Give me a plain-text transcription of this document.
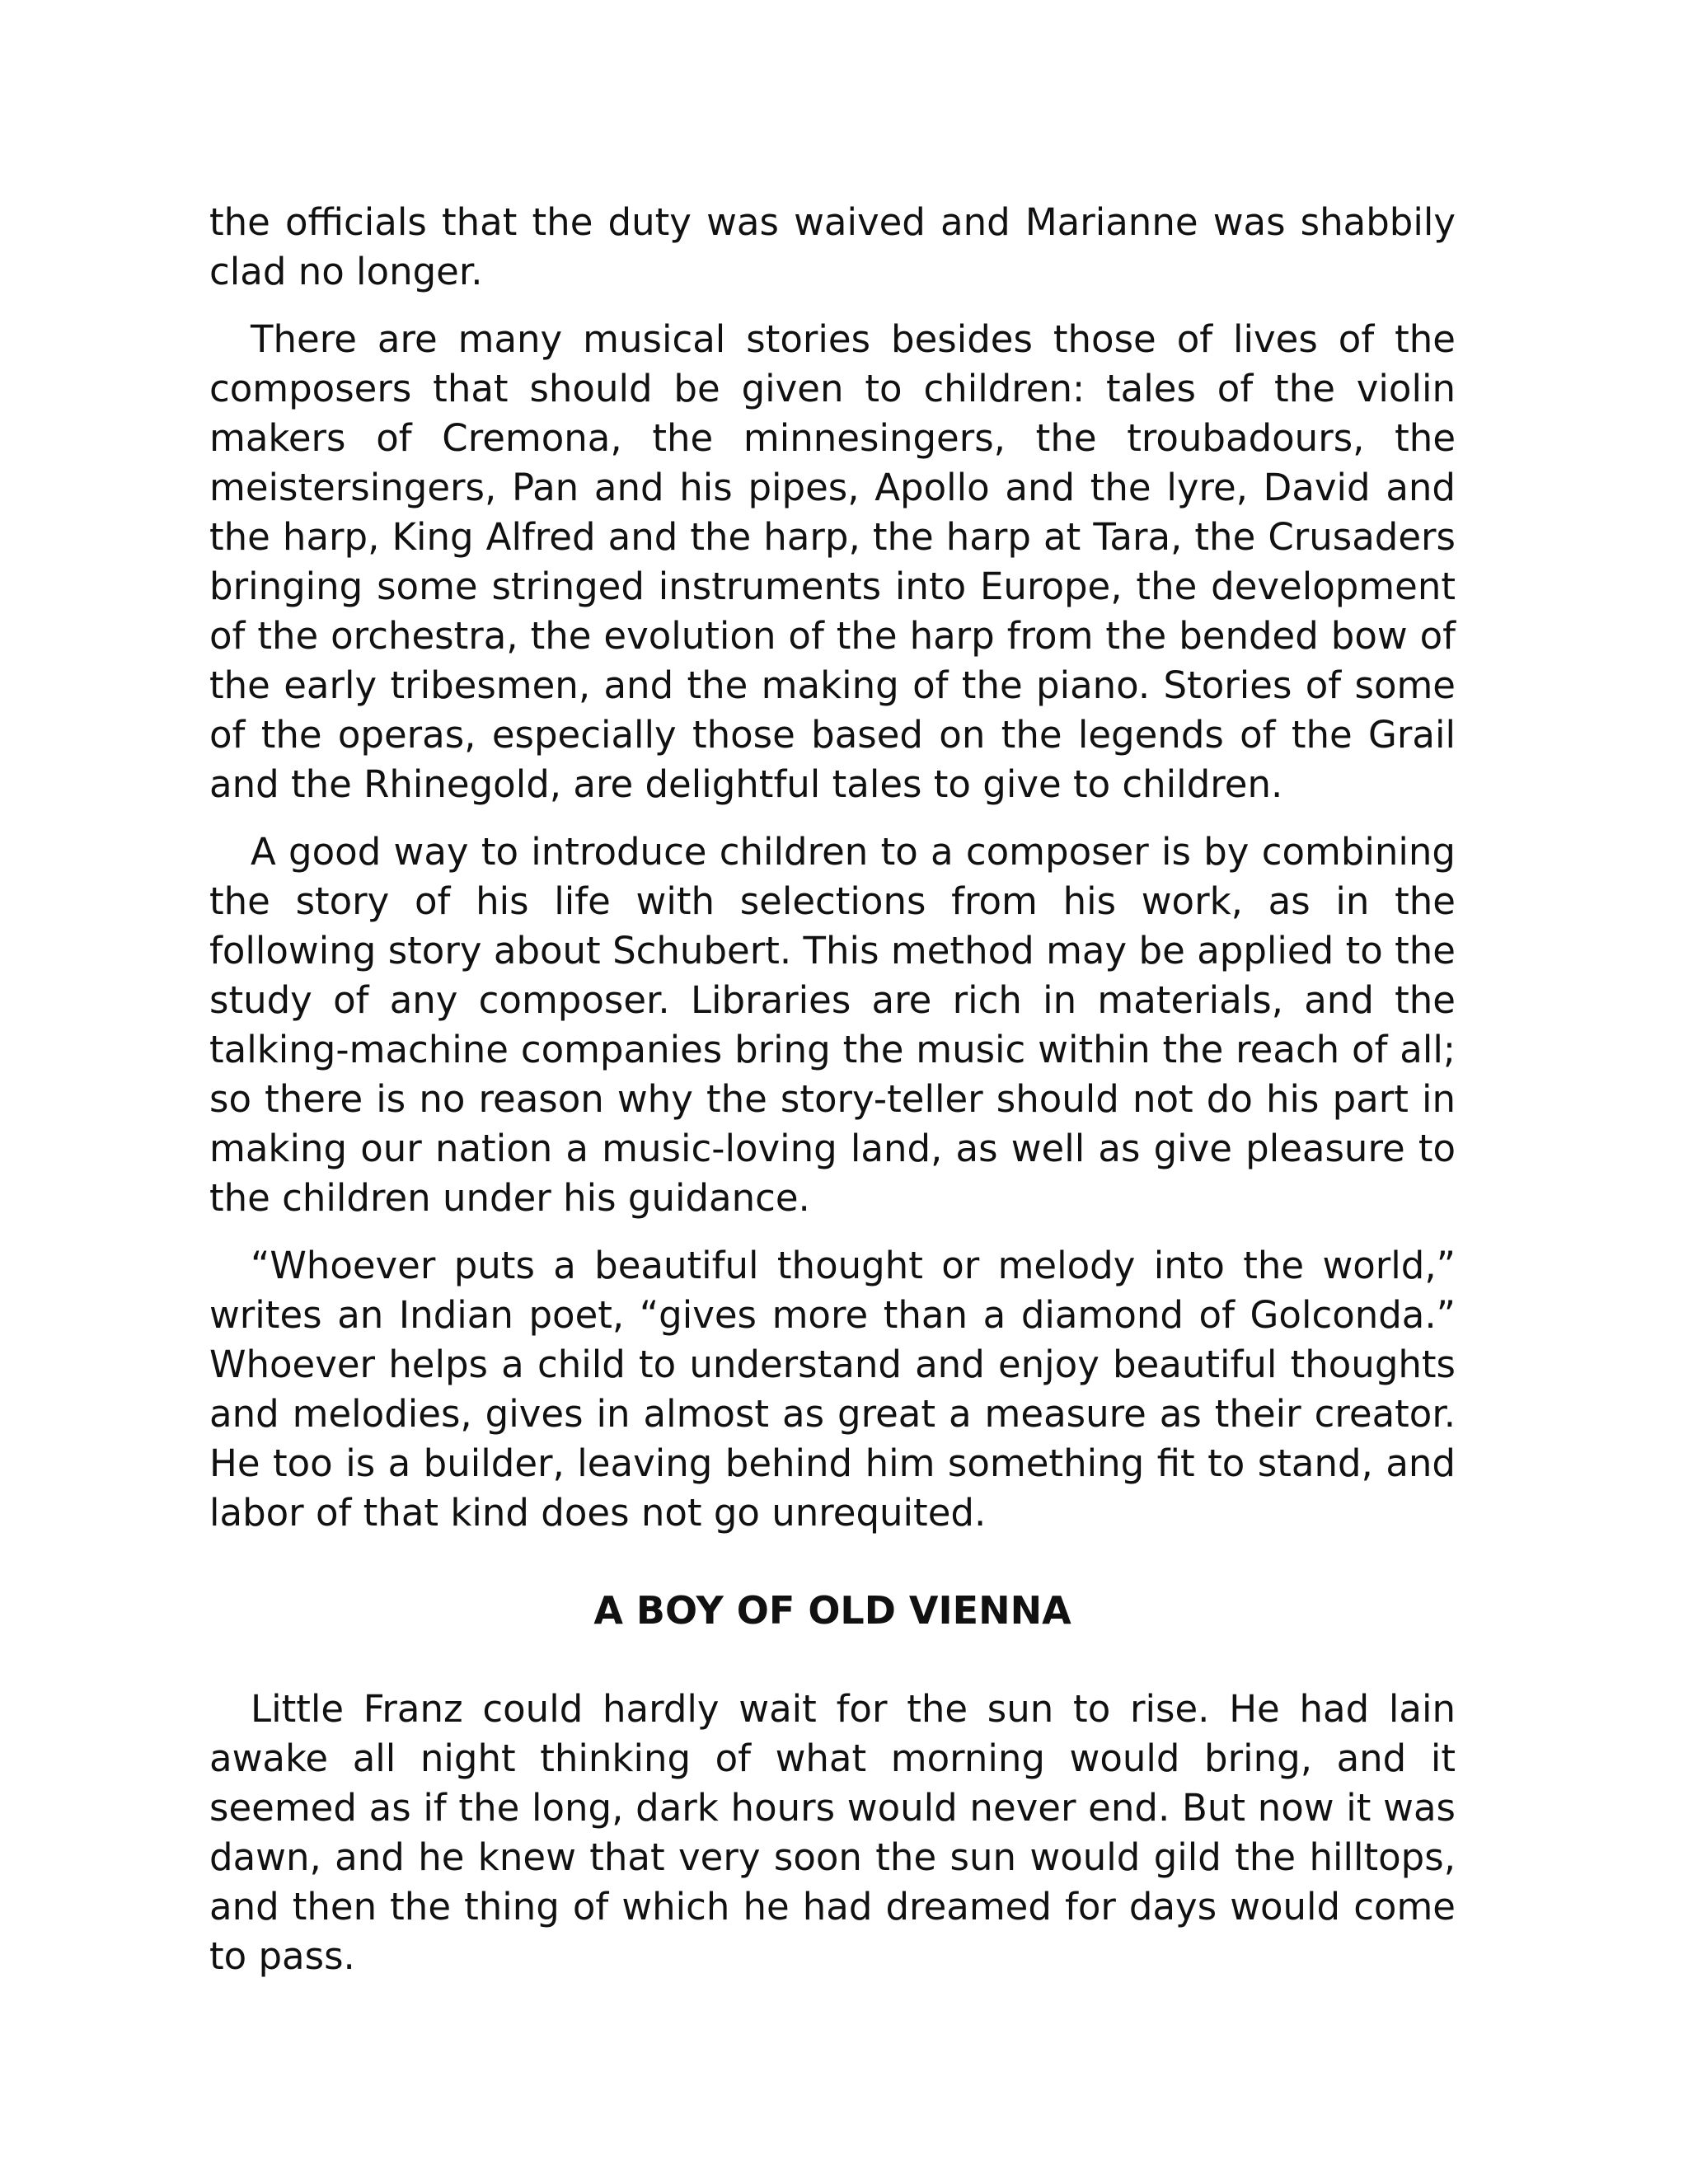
the officials that the duty was waived and Marianne was shabbily clad no longer.

There are many musical stories besides those of lives of the composers that should be given to children: tales of the violin makers of Cremona, the minnesingers, the troubadours, the meistersingers, Pan and his pipes, Apollo and the lyre, David and the harp, King Alfred and the harp, the harp at Tara, the Crusaders bringing some stringed instruments into Europe, the development of the orchestra, the evolution of the harp from the bended bow of the early tribesmen, and the making of the piano. Stories of some of the operas, especially those based on the legends of the Grail and the Rhinegold, are delightful tales to give to children.

A good way to introduce children to a composer is by combining the story of his life with selections from his work, as in the following story about Schubert. This method may be applied to the study of any composer. Libraries are rich in materials, and the talking-machine companies bring the music within the reach of all; so there is no reason why the story-teller should not do his part in making our nation a music-loving land, as well as give pleasure to the children under his guidance.

“Whoever puts a beautiful thought or melody into the world,” writes an Indian poet, “gives more than a diamond of Golconda.” Whoever helps a child to understand and enjoy beautiful thoughts and melodies, gives in almost as great a measure as their creator. He too is a builder, leaving behind him something fit to stand, and labor of that kind does not go unrequited.

A BOY OF OLD VIENNA

Little Franz could hardly wait for the sun to rise. He had lain awake all night thinking of what morning would bring, and it seemed as if the long, dark hours would never end. But now it was dawn, and he knew that very soon the sun would gild the hilltops, and then the thing of which he had dreamed for days would come to pass.
